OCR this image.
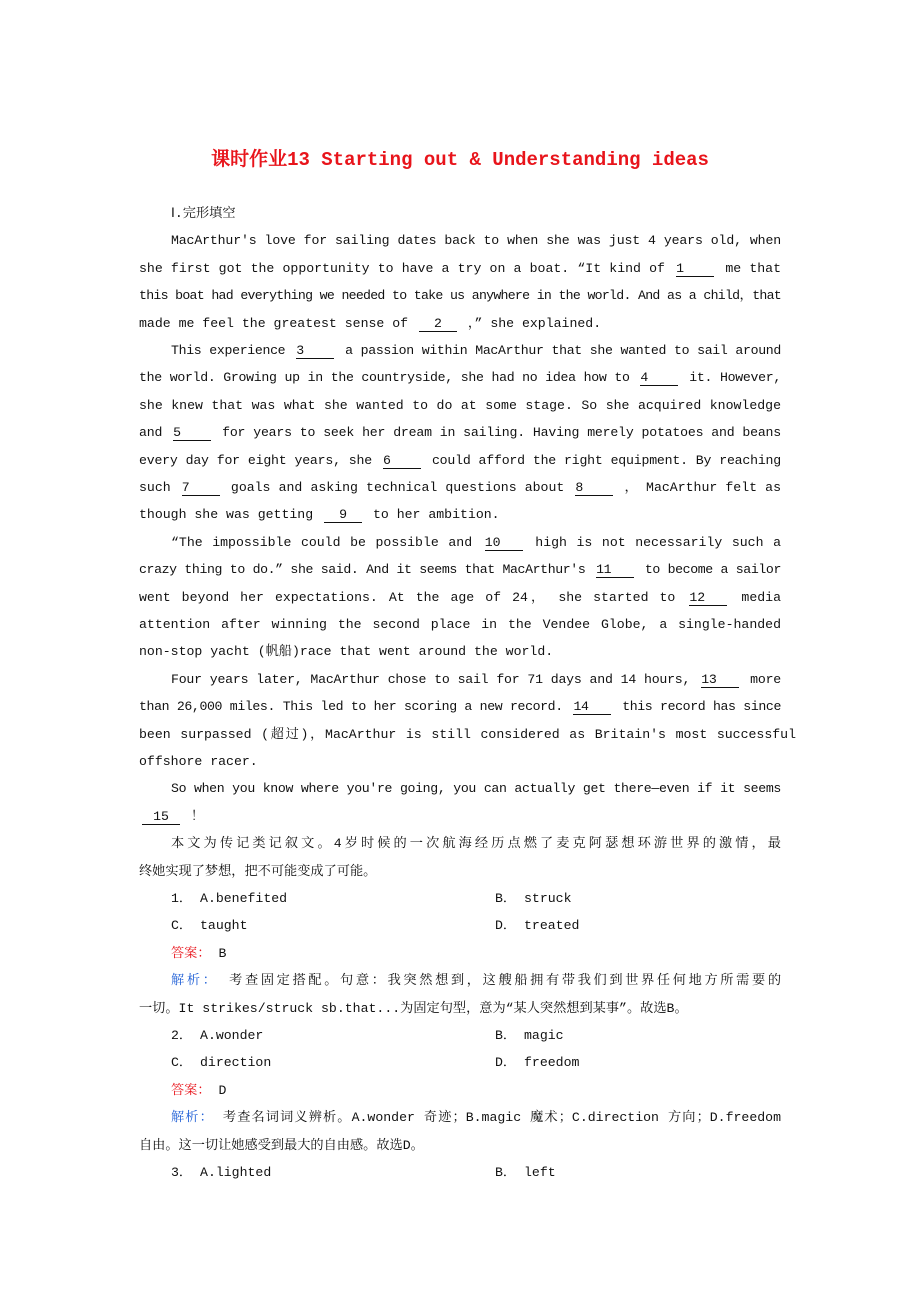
课时作业13 Starting out & Understanding ideas
Ⅰ.完形填空
MacArthur's love for sailing dates back to when she was just 4 years old, when
she first got the opportunity to have a try on a boat. “It kind of 1	me that
this boat had everything we needed to take us anywhere in the world. And as a child，that
made me feel the greatest sense of 2 ，” she explained.
This experience 3	a passion within MacArthur that she wanted to sail around
the world. Growing up in the countryside, she had no idea how to 4	it. However,
she knew that was what she wanted to do at some stage. So she acquired knowledge
and 5	for years to seek her dream in sailing. Having merely potatoes and beans
every day for eight years, she 6	could afford the right equipment. By reaching
such 7	goals and asking technical questions about 8	， MacArthur felt as
though she was getting 9 to her ambition.
“The impossible could be possible and 10	high is not necessarily such a
crazy thing to do.” she said. And it seems that MacArthur's 11	to become a sailor
went beyond her expectations. At the age of 24， she started to 12	media
attention after winning the second place in the Vendee Globe, a single-handed
non-stop yacht (帆船)race that went around the world.
Four years later, MacArthur chose to sail for 71 days and 14 hours, 13	more
than 26,000 miles. This led to her scoring a new record. 14	this record has since
been surpassed (超过)，MacArthur is still considered as Britain's most successful
offshore racer.
So when you know where you're going, you can actually get there—even if it seems
15 ！
本文为传记类记叙文。4岁时候的一次航海经历点燃了麦克阿瑟想环游世界的激情，最
终她实现了梦想，把不可能变成了可能。
1． A.benefited	B． struck
C． taught	D． treated
答案： B
解析： 考查固定搭配。句意：我突然想到，这艘船拥有带我们到世界任何地方所需要的
一切。It strikes/struck sb.that...为固定句型，意为“某人突然想到某事”。故选B。
2． A.wonder	B． magic
C． direction	D． freedom
答案： D
解析： 考查名词词义辨析。A.wonder 奇迹；B.magic 魔术；C.direction 方向；D.freedom
自由。这一切让她感受到最大的自由感。故选D。
3． A.lighted	B． left
